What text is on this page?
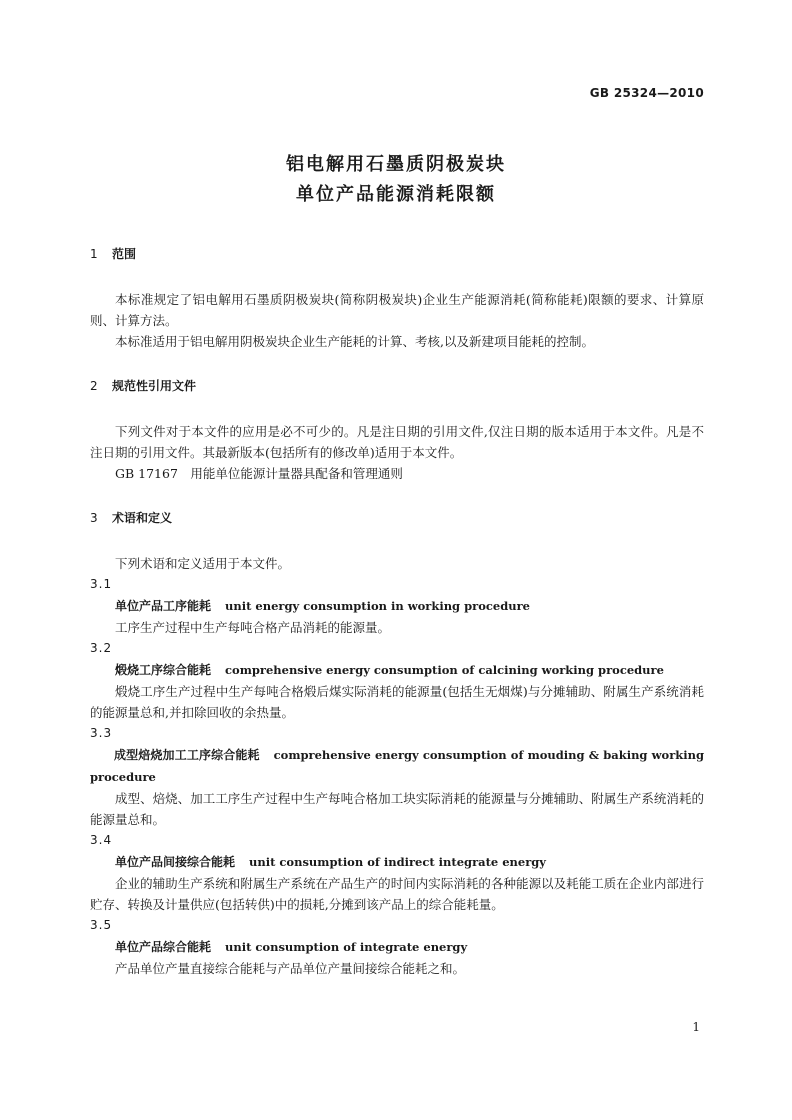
GB 25324—2010
铝电解用石墨质阴极炭块
单位产品能源消耗限额

1 范围

本标准规定了铝电解用石墨质阴极炭块(简称阴极炭块)企业生产能源消耗(简称能耗)限额的要求、计算原则、计算方法。

本标准适用于铝电解用阴极炭块企业生产能耗的计算、考核,以及新建项目能耗的控制。

2 规范性引用文件

下列文件对于本文件的应用是必不可少的。凡是注日期的引用文件,仅注日期的版本适用于本文件。凡是不注日期的引用文件。其最新版本(包括所有的修改单)适用于本文件。

GB 17167　用能单位能源计量器具配备和管理通则

3 术语和定义

下列术语和定义适用于本文件。

3.1

单位产品工序能耗 unit energy consumption in working procedure

工序生产过程中生产每吨合格产品消耗的能源量。

3.2

煅烧工序综合能耗 comprehensive energy consumption of calcining working procedure

煅烧工序生产过程中生产每吨合格煅后煤实际消耗的能源量(包括生无烟煤)与分摊辅助、附属生产系统消耗的能源量总和,并扣除回收的余热量。

3.3

成型焙烧加工工序综合能耗 comprehensive energy consumption of mouding & baking working procedure

成型、焙烧、加工工序生产过程中生产每吨合格加工块实际消耗的能源量与分摊辅助、附属生产系统消耗的能源量总和。

3.4

单位产品间接综合能耗 unit consumption of indirect integrate energy

企业的辅助生产系统和附属生产系统在产品生产的时间内实际消耗的各种能源以及耗能工质在企业内部进行贮存、转换及计量供应(包括转供)中的损耗,分摊到该产品上的综合能耗量。

3.5

单位产品综合能耗 unit consumption of integrate energy

产品单位产量直接综合能耗与产品单位产量间接综合能耗之和。

1
